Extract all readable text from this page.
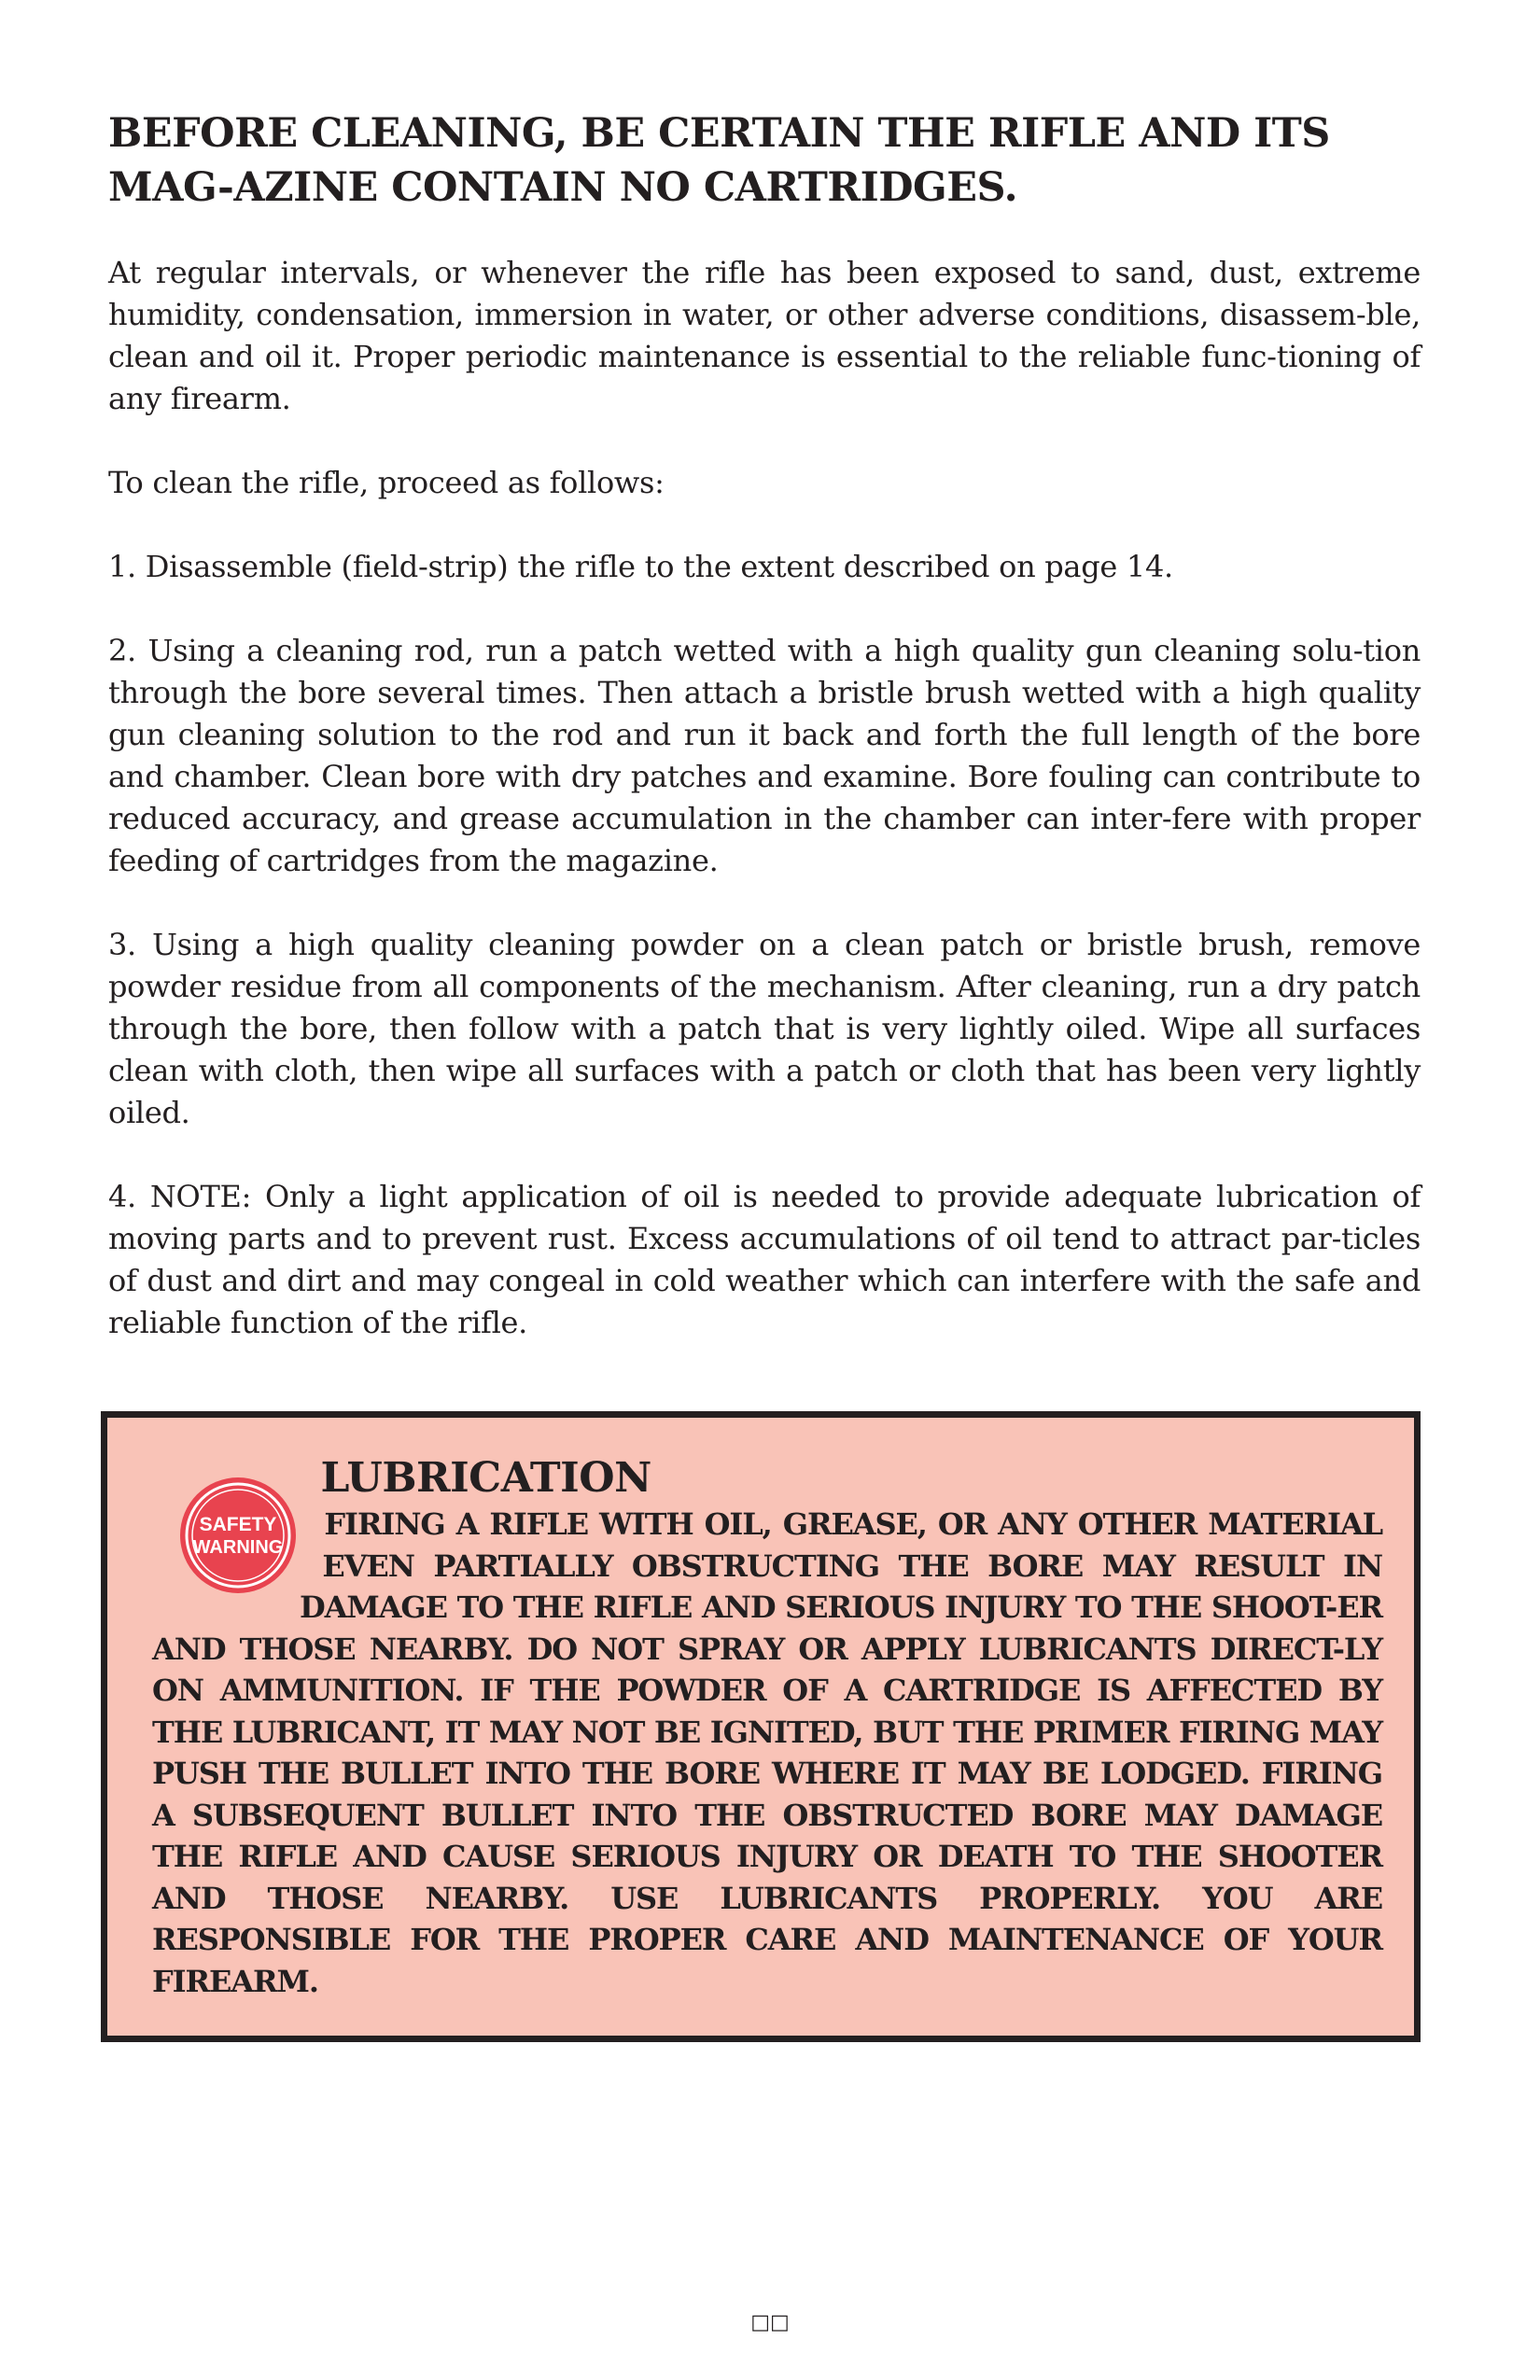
BEFORE CLEANING, BE CERTAIN THE RIFLE AND ITS MAG-AZINE CONTAIN NO CARTRIDGES.

At regular intervals, or whenever the rifle has been exposed to sand, dust, extreme humidity, condensation, immersion in water, or other adverse conditions, disassem-ble, clean and oil it. Proper periodic maintenance is essential to the reliable func-tioning of any firearm.

To clean the rifle, proceed as follows:

1. Disassemble (field-strip) the rifle to the extent described on page 14.

2. Using a cleaning rod, run a patch wetted with a high quality gun cleaning solu-tion through the bore several times. Then attach a bristle brush wetted with a high quality gun cleaning solution to the rod and run it back and forth the full length of the bore and chamber. Clean bore with dry patches and examine. Bore fouling can contribute to reduced accuracy, and grease accumulation in the chamber can inter-fere with proper feeding of cartridges from the magazine.

3. Using a high quality cleaning powder on a clean patch or bristle brush, remove powder residue from all components of the mechanism. After cleaning, run a dry patch through the bore, then follow with a patch that is very lightly oiled. Wipe all surfaces clean with cloth, then wipe all surfaces with a patch or cloth that has been very lightly oiled.

4. NOTE: Only a light application of oil is needed to provide adequate lubrication of moving parts and to prevent rust. Excess accumulations of oil tend to attract par-ticles of dust and dirt and may congeal in cold weather which can interfere with the safe and reliable function of the rifle.

SAFETY
WARNING
LUBRICATION

FIRING A RIFLE WITH OIL, GREASE, OR ANY OTHER MATERIAL EVEN PARTIALLY OBSTRUCTING THE BORE MAY RESULT IN DAMAGE TO THE RIFLE AND SERIOUS INJURY TO THE SHOOT-ER AND THOSE NEARBY. DO NOT SPRAY OR APPLY LUBRICANTS DIRECT-LY ON AMMUNITION. IF THE POWDER OF A CARTRIDGE IS AFFECTED BY THE LUBRICANT, IT MAY NOT BE IGNITED, BUT THE PRIMER FIRING MAY PUSH THE BULLET INTO THE BORE WHERE IT MAY BE LODGED. FIRING A SUBSEQUENT BULLET INTO THE OBSTRUCTED BORE MAY DAMAGE THE RIFLE AND CAUSE SERIOUS INJURY OR DEATH TO THE SHOOTER AND THOSE NEARBY. USE LUBRICANTS PROPERLY. YOU ARE RESPONSIBLE FOR THE PROPER CARE AND MAINTENANCE OF YOUR FIREARM.

□□
